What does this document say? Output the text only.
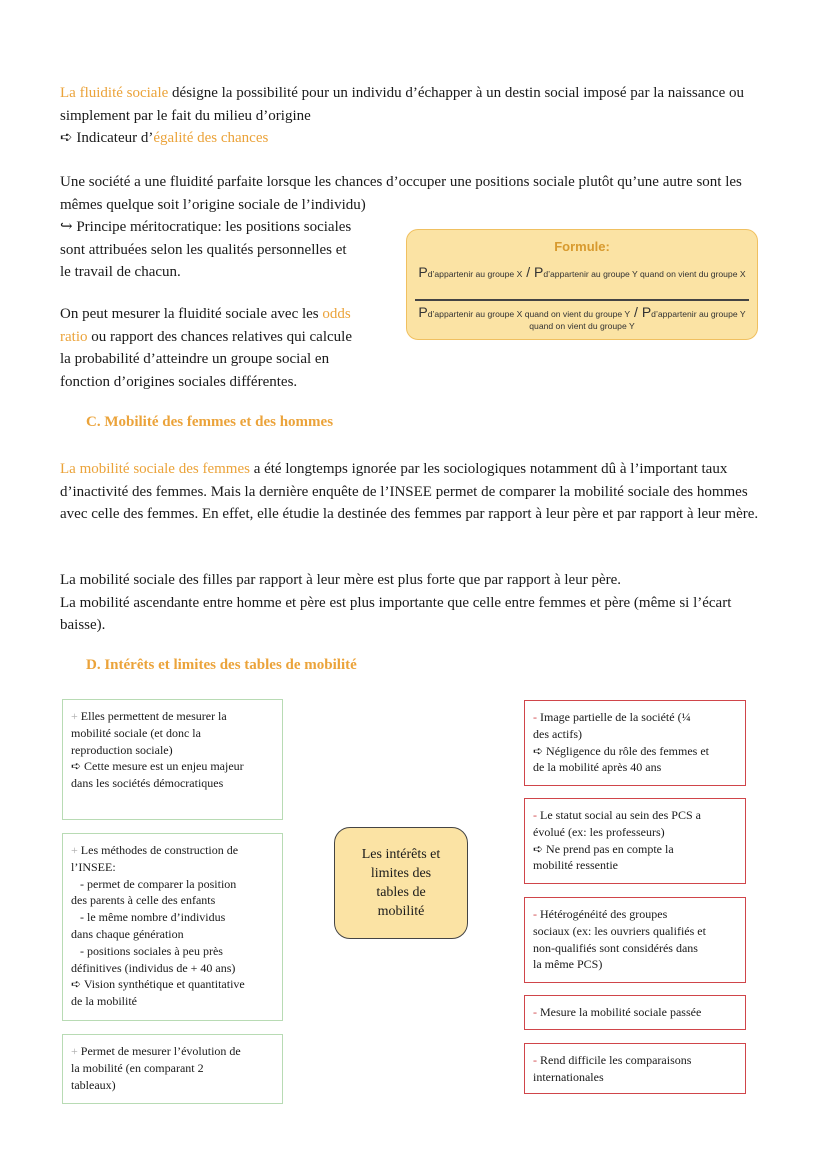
La fluidité sociale désigne la possibilité pour un individu d’échapper à un destin social imposé par la naissance ou simplement par le fait du milieu d’origine
➪ Indicateur d’égalité des chances
Une société a une fluidité parfaite lorsque les chances d’occuper une positions sociale plutôt qu’une autre sont les mêmes quelque soit l’origine sociale de l’individu)
↪ Principe méritocratique: les positions sociales
sont attribuées selon les qualités personnelles et
le travail de chacun.
On peut mesurer la fluidité sociale avec les odds
ratio ou rapport des chances relatives qui calcule
la probabilité d’atteindre un groupe social en
fonction d’origines sociales différentes.
Formule:
Pd’appartenir au groupe X / Pd’appartenir au groupe Y quand on vient du groupe X
Pd’appartenir au groupe X quand on vient du groupe Y / Pd’appartenir au groupe Y quand on vient du groupe Y
C. Mobilité des femmes et des hommes
La mobilité sociale des femmes a été longtemps ignorée par les sociologiques notamment dû à l’important taux d’inactivité des femmes. Mais la dernière enquête de l’INSEE permet de comparer la mobilité sociale des hommes avec celle des femmes. En effet, elle étudie la destinée des femmes par rapport à leur père et par rapport à leur mère.
La mobilité sociale des filles par rapport à leur mère est plus forte que par rapport à leur père.
La mobilité ascendante entre homme et père est plus importante que celle entre femmes et père (même si l’écart baisse).
D. Intérêts et limites des tables de mobilité
+ Elles permettent de mesurer la
mobilité sociale (et donc la
reproduction sociale)
➪ Cette mesure est un enjeu majeur
dans les sociétés démocratiques
+ Les méthodes de construction de
l’INSEE:
- permet de comparer la position
des parents à celle des enfants
- le même nombre d’individus
dans chaque génération
- positions sociales à peu près
définitives (individus de + 40 ans)
➪ Vision synthétique et quantitative
de la mobilité
+ Permet de mesurer l’évolution de
la mobilité (en comparant 2
tableaux)
Les intérêts et
limites des
tables de
mobilité
- Image partielle de la société (¼
des actifs)
➪ Négligence du rôle des femmes et
de la mobilité après 40 ans
- Le statut social au sein des PCS a
évolué (ex: les professeurs)
➪ Ne prend pas en compte la
mobilité ressentie
- Hétérogénéité des groupes
sociaux (ex: les ouvriers qualifiés et
non-qualifiés sont considérés dans
la même PCS)
- Mesure la mobilité sociale passée
- Rend difficile les comparaisons
internationales
